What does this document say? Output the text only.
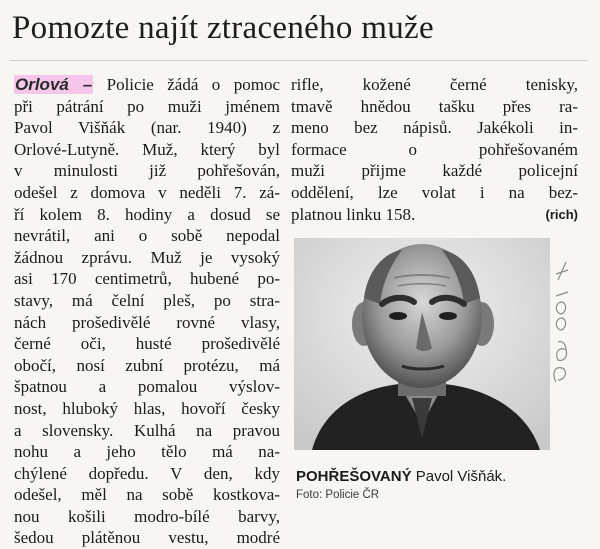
Pomozte najít ztraceného muže
Orlová – Policie žádá o pomoc
při pátrání po muži jménem
Pavol Višňák (nar. 1940) z
Orlové-Lutyně. Muž, který byl
v minulosti již pohřešován,
odešel z domova v neděli 7. zá-
ří kolem 8. hodiny a dosud se
nevrátil, ani o sobě nepodal
žádnou zprávu. Muž je vysoký
asi 170 centimetrů, hubené po-
stavy, má čelní pleš, po stra-
nách prošedivělé rovné vlasy,
černé oči, husté prošedivělé
obočí, nosí zubní protézu, má
špatnou a pomalou výslov-
nost, hluboký hlas, hovoří česky
a slovensky. Kulhá na pravou
nohu a jeho tělo má na-
chýlené dopředu. V den, kdy
odešel, měl na sobě kostkova-
nou košili modro-bílé barvy,
šedou plátěnou vestu, modré
rifle, kožené černé tenisky,
tmavě hnědou tašku přes ra-
meno bez nápisů. Jakékoli in-
formace o pohřešovaném
muži přijme každé policejní
oddělení, lze volat i na bez-
platnou linku 158.	(rich)
POHŘEŠOVANÝ Pavol Višňák.
Foto: Policie ČR
